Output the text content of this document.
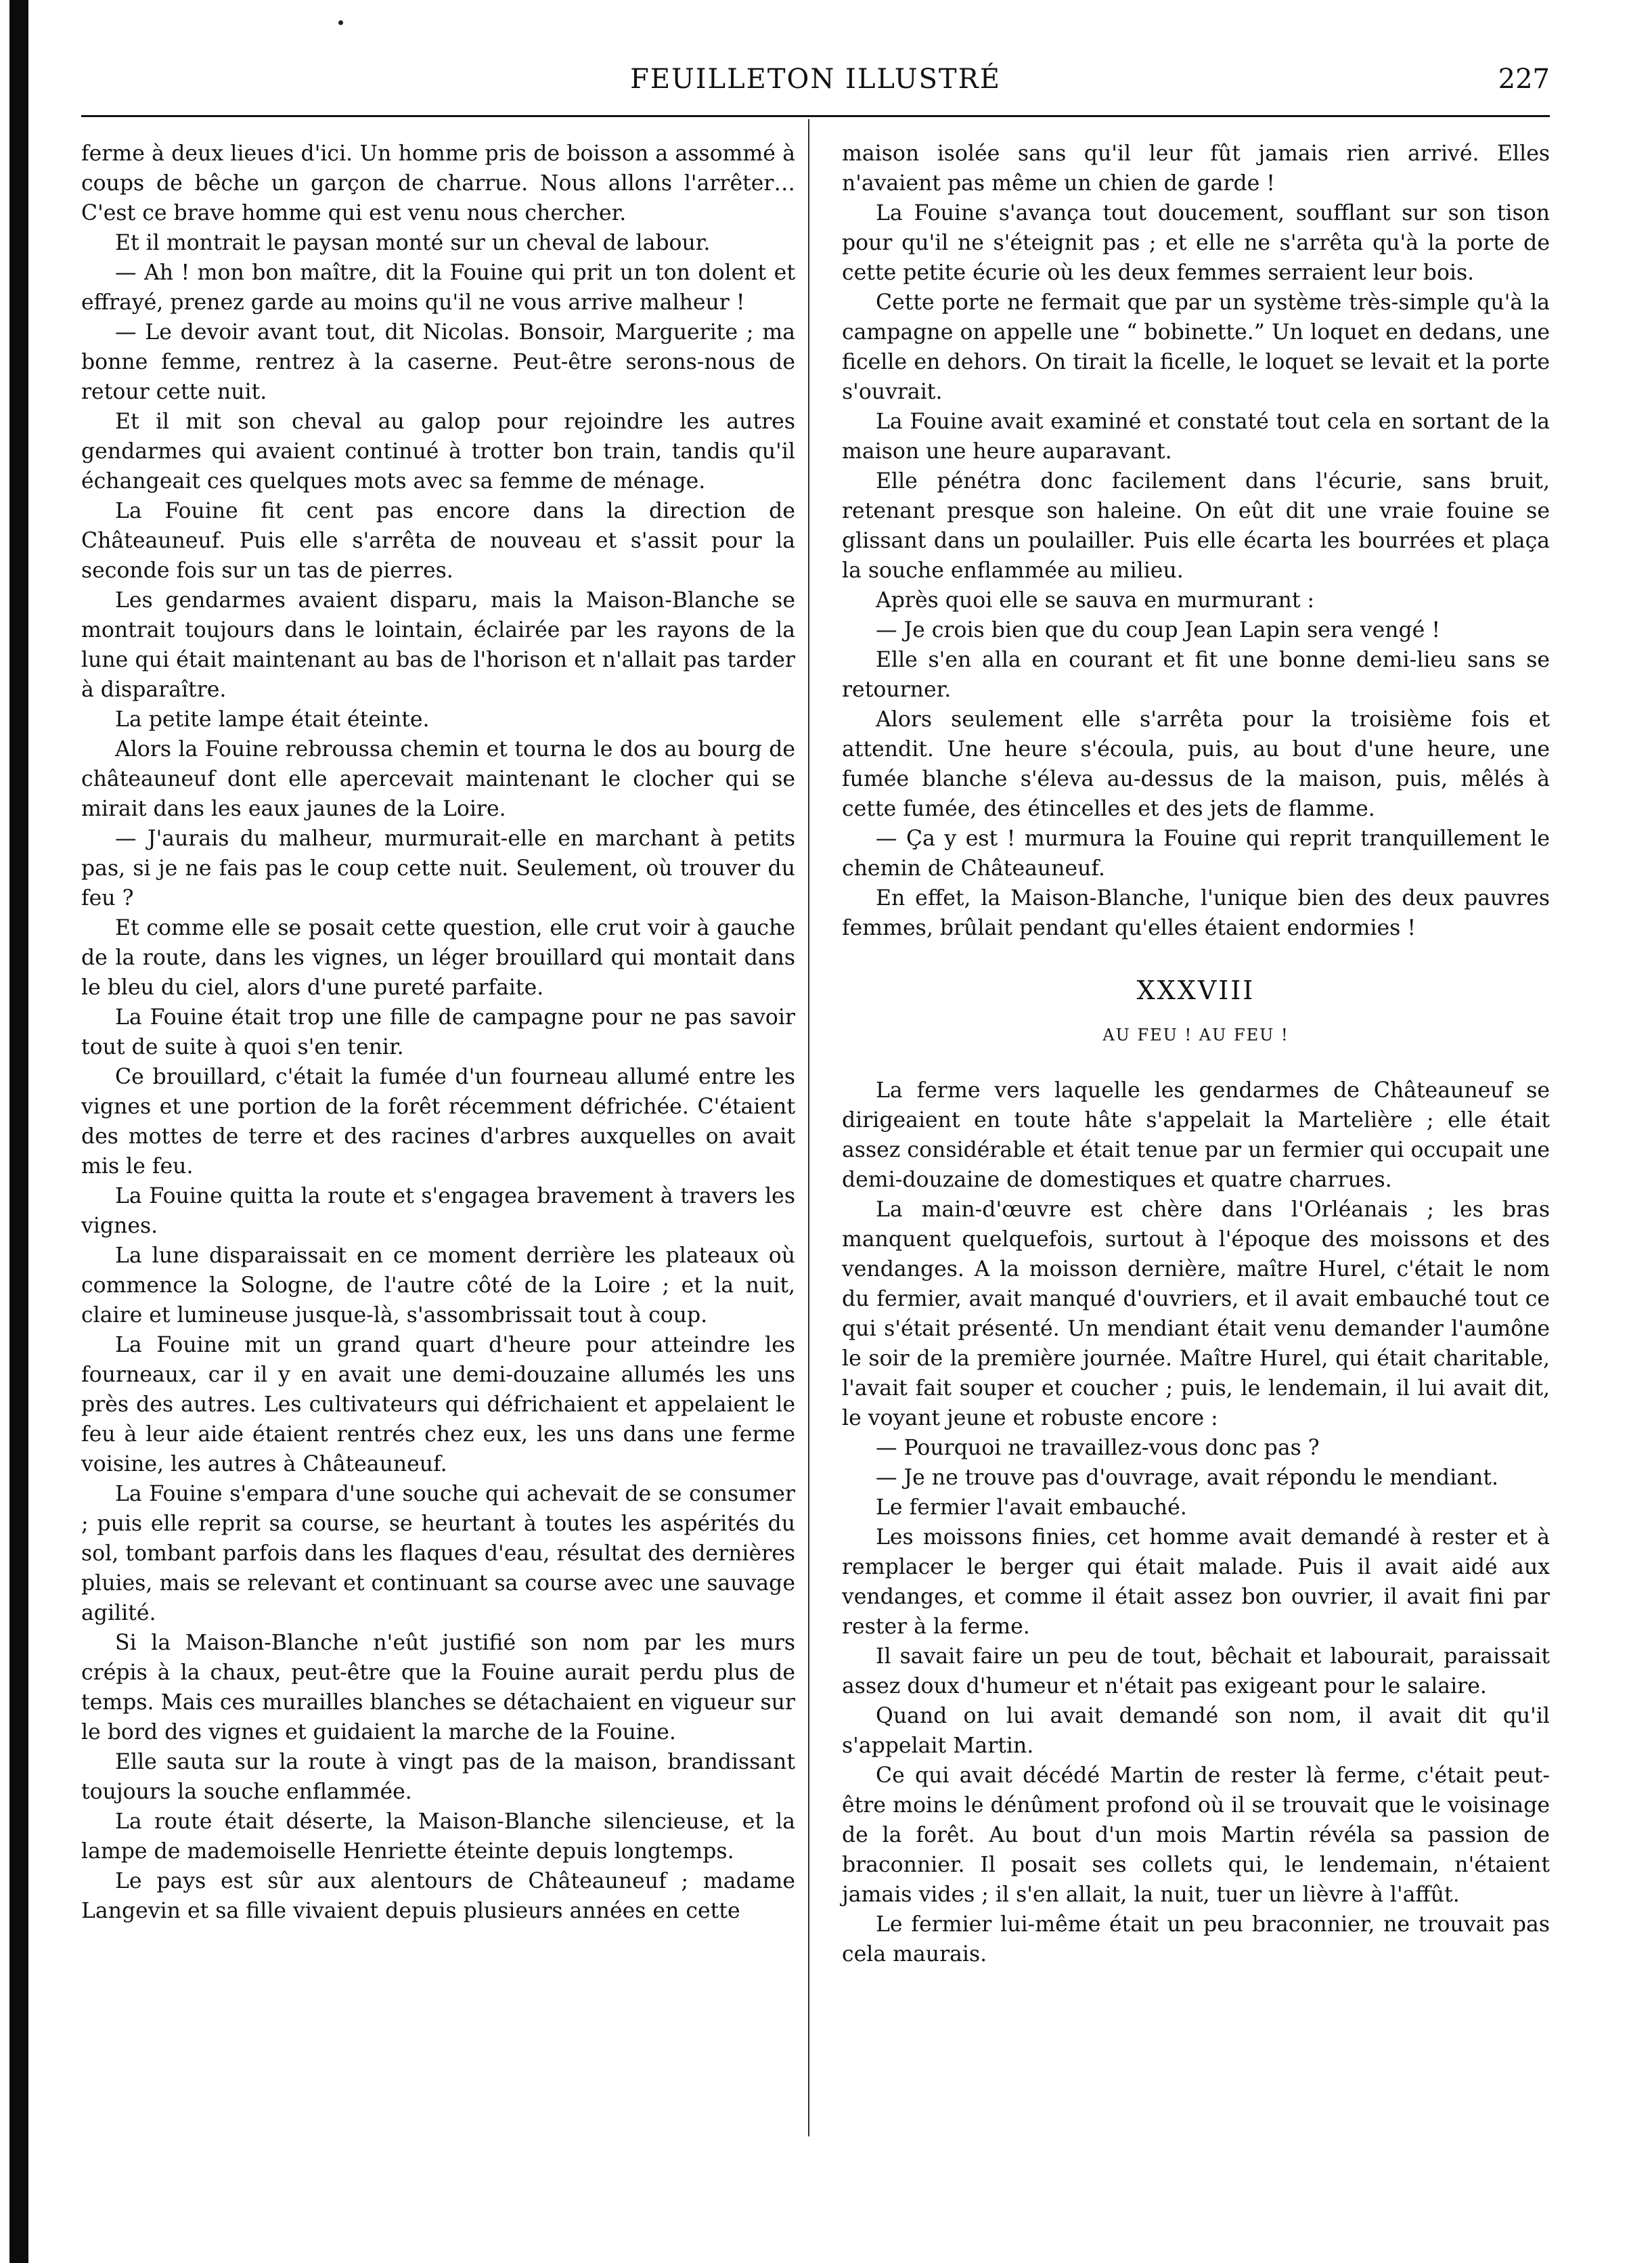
FEUILLETON ILLUSTRÉ	227

ferme à deux lieues d'ici. Un homme pris de boisson a assommé à coups de bêche un garçon de charrue. Nous allons l'arrêter… C'est ce brave homme qui est venu nous chercher.

Et il montrait le paysan monté sur un cheval de labour.

— Ah ! mon bon maître, dit la Fouine qui prit un ton dolent et effrayé, prenez garde au moins qu'il ne vous arrive malheur !

— Le devoir avant tout, dit Nicolas. Bonsoir, Marguerite ; ma bonne femme, rentrez à la caserne. Peut-être serons-nous de retour cette nuit.

Et il mit son cheval au galop pour rejoindre les autres gendarmes qui avaient continué à trotter bon train, tandis qu'il échangeait ces quelques mots avec sa femme de ménage.

La Fouine fit cent pas encore dans la direction de Châteauneuf. Puis elle s'arrêta de nouveau et s'assit pour la seconde fois sur un tas de pierres.

Les gendarmes avaient disparu, mais la Maison-Blanche se montrait toujours dans le lointain, éclairée par les rayons de la lune qui était maintenant au bas de l'horison et n'allait pas tarder à disparaître.

La petite lampe était éteinte.

Alors la Fouine rebroussa chemin et tourna le dos au bourg de châteauneuf dont elle apercevait maintenant le clocher qui se mirait dans les eaux jaunes de la Loire.

— J'aurais du malheur, murmurait-elle en marchant à petits pas, si je ne fais pas le coup cette nuit. Seulement, où trouver du feu ?

Et comme elle se posait cette question, elle crut voir à gauche de la route, dans les vignes, un léger brouillard qui montait dans le bleu du ciel, alors d'une pureté parfaite.

La Fouine était trop une fille de campagne pour ne pas savoir tout de suite à quoi s'en tenir.

Ce brouillard, c'était la fumée d'un fourneau allumé entre les vignes et une portion de la forêt récemment défrichée. C'étaient des mottes de terre et des racines d'arbres auxquelles on avait mis le feu.

La Fouine quitta la route et s'engagea bravement à travers les vignes.

La lune disparaissait en ce moment derrière les plateaux où commence la Sologne, de l'autre côté de la Loire ; et la nuit, claire et lumineuse jusque-là, s'assombrissait tout à coup.

La Fouine mit un grand quart d'heure pour atteindre les fourneaux, car il y en avait une demi-douzaine allumés les uns près des autres. Les cultivateurs qui défrichaient et appelaient le feu à leur aide étaient rentrés chez eux, les uns dans une ferme voisine, les autres à Châteauneuf.

La Fouine s'empara d'une souche qui achevait de se consumer ; puis elle reprit sa course, se heurtant à toutes les aspérités du sol, tombant parfois dans les flaques d'eau, résultat des dernières pluies, mais se relevant et continuant sa course avec une sauvage agilité.

Si la Maison-Blanche n'eût justifié son nom par les murs crépis à la chaux, peut-être que la Fouine aurait perdu plus de temps. Mais ces murailles blanches se détachaient en vigueur sur le bord des vignes et guidaient la marche de la Fouine.

Elle sauta sur la route à vingt pas de la maison, brandissant toujours la souche enflammée.

La route était déserte, la Maison-Blanche silencieuse, et la lampe de mademoiselle Henriette éteinte depuis longtemps.

Le pays est sûr aux alentours de Châteauneuf ; madame Langevin et sa fille vivaient depuis plusieurs années en cette

maison isolée sans qu'il leur fût jamais rien arrivé. Elles n'avaient pas même un chien de garde !

La Fouine s'avança tout doucement, soufflant sur son tison pour qu'il ne s'éteignit pas ; et elle ne s'arrêta qu'à la porte de cette petite écurie où les deux femmes serraient leur bois.

Cette porte ne fermait que par un système très-simple qu'à la campagne on appelle une “ bobinette.” Un loquet en dedans, une ficelle en dehors. On tirait la ficelle, le loquet se levait et la porte s'ouvrait.

La Fouine avait examiné et constaté tout cela en sortant de la maison une heure auparavant.

Elle pénétra donc facilement dans l'écurie, sans bruit, retenant presque son haleine. On eût dit une vraie fouine se glissant dans un poulailler. Puis elle écarta les bourrées et plaça la souche enflammée au milieu.

Après quoi elle se sauva en murmurant :

— Je crois bien que du coup Jean Lapin sera vengé !

Elle s'en alla en courant et fit une bonne demi-lieu sans se retourner.

Alors seulement elle s'arrêta pour la troisième fois et attendit. Une heure s'écoula, puis, au bout d'une heure, une fumée blanche s'éleva au-dessus de la maison, puis, mêlés à cette fumée, des étincelles et des jets de flamme.

— Ça y est ! murmura la Fouine qui reprit tranquillement le chemin de Châteauneuf.

En effet, la Maison-Blanche, l'unique bien des deux pauvres femmes, brûlait pendant qu'elles étaient endormies !

XXXVIII
AU FEU ! AU FEU !

La ferme vers laquelle les gendarmes de Châteauneuf se dirigeaient en toute hâte s'appelait la Martelière ; elle était assez considérable et était tenue par un fermier qui occupait une demi-douzaine de domestiques et quatre charrues.

La main-d'œuvre est chère dans l'Orléanais ; les bras manquent quelquefois, surtout à l'époque des moissons et des vendanges. A la moisson dernière, maître Hurel, c'était le nom du fermier, avait manqué d'ouvriers, et il avait embauché tout ce qui s'était présenté. Un mendiant était venu demander l'aumône le soir de la première journée. Maître Hurel, qui était charitable, l'avait fait souper et coucher ; puis, le lendemain, il lui avait dit, le voyant jeune et robuste encore :

— Pourquoi ne travaillez-vous donc pas ?

— Je ne trouve pas d'ouvrage, avait répondu le mendiant.

Le fermier l'avait embauché.

Les moissons finies, cet homme avait demandé à rester et à remplacer le berger qui était malade. Puis il avait aidé aux vendanges, et comme il était assez bon ouvrier, il avait fini par rester à la ferme.

Il savait faire un peu de tout, bêchait et labourait, paraissait assez doux d'humeur et n'était pas exigeant pour le salaire.

Quand on lui avait demandé son nom, il avait dit qu'il s'appelait Martin.

Ce qui avait décédé Martin de rester là ferme, c'était peut-être moins le dénûment profond où il se trouvait que le voisinage de la forêt. Au bout d'un mois Martin révéla sa passion de braconnier. Il posait ses collets qui, le lendemain, n'étaient jamais vides ; il s'en allait, la nuit, tuer un lièvre à l'affût.

Le fermier lui-même était un peu braconnier, ne trouvait pas cela maurais.
